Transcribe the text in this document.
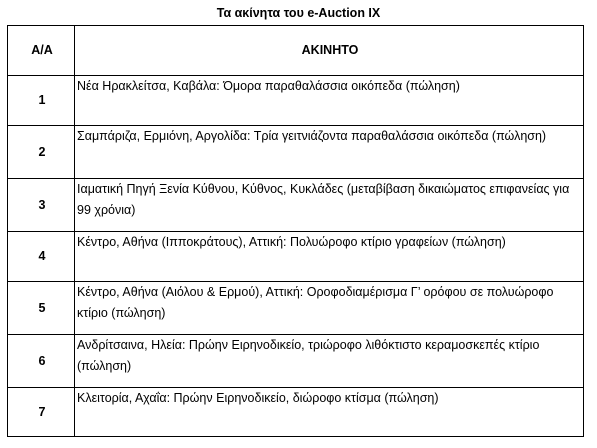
Τα ακίνητα του e-Auction IX
Α/Α	ΑΚΙΝΗΤΟ
1	Νέα Ηρακλείτσα, Καβάλα: Όμορα παραθαλάσσια οικόπεδα (πώληση)
2	Σαμπάριζα, Ερμιόνη, Αργολίδα: Τρία γειτνιάζοντα παραθαλάσσια οικόπεδα (πώληση)
3	Ιαματική Πηγή Ξενία Κύθνου, Κύθνος, Κυκλάδες (μεταβίβαση δικαιώματος επιφανείας για 99 χρόνια)
4	Κέντρο, Αθήνα (Ιπποκράτους), Αττική: Πολυώροφο κτίριο γραφείων (πώληση)
5	Κέντρο, Αθήνα (Αιόλου & Ερμού), Αττική: Οροφοδιαμέρισμα Γ’ ορόφου σε πολυώροφο κτίριο (πώληση)
6	Ανδρίτσαινα, Ηλεία: Πρώην Ειρηνοδικείο, τριώροφο λιθόκτιστο κεραμοσκεπές κτίριο (πώληση)
7	Κλειτορία, Αχαΐα: Πρώην Ειρηνοδικείο, διώροφο κτίσμα (πώληση)
